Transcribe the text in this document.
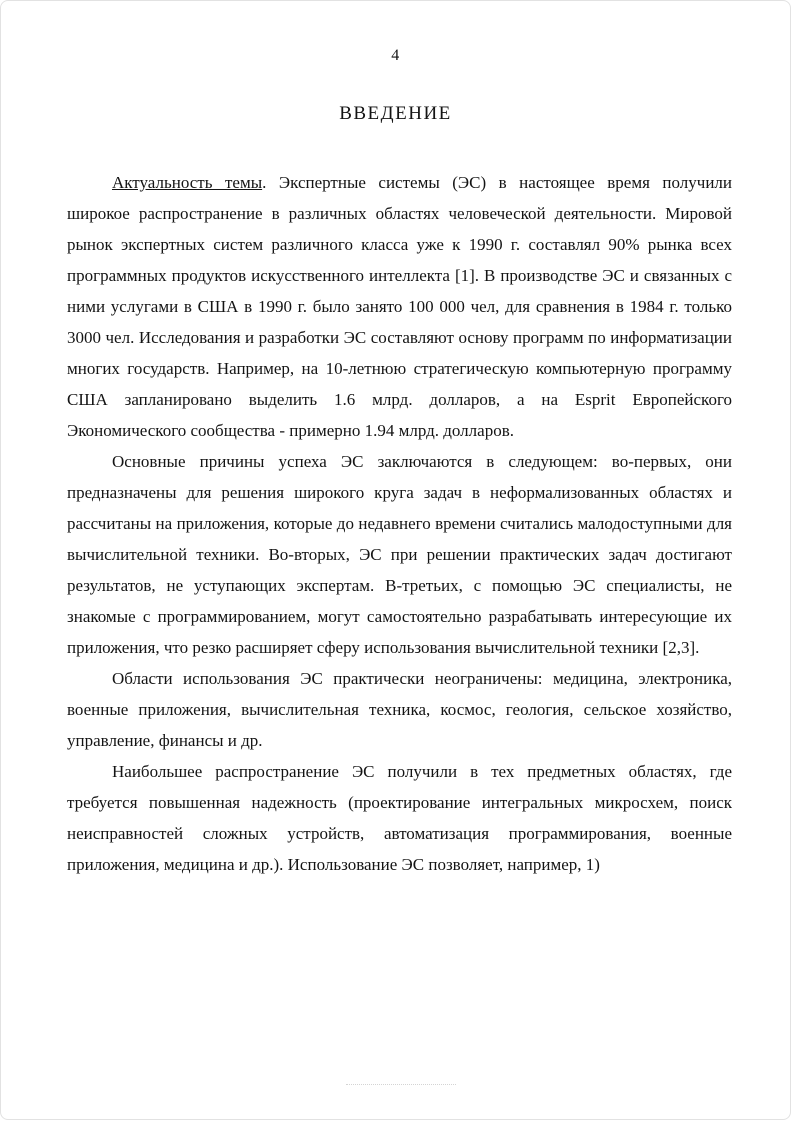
4
ВВЕДЕНИЕ

Актуальность темы. Экспертные системы (ЭС) в настоящее время получили широкое распространение в различных областях человеческой деятельности. Мировой рынок экспертных систем различного класса уже к 1990 г. составлял 90% рынка всех программных продуктов искусственного интеллекта [1]. В производстве ЭС и связанных с ними услугами в США в 1990 г. было занято 100 000 чел, для сравнения в 1984 г. только 3000 чел. Исследования и разработки ЭС составляют основу программ по информатизации многих государств. Например, на 10-летнюю стратегическую компьютерную программу США запланировано выделить 1.6 млрд. долларов, а на Esprit Европейского Экономического сообщества - примерно 1.94 млрд. долларов.

Основные причины успеха ЭС заключаются в следующем: во-первых, они предназначены для решения широкого круга задач в неформализованных областях и рассчитаны на приложения, которые до недавнего времени считались малодоступными для вычислительной техники. Во-вторых, ЭС при решении практических задач достигают результатов, не уступающих экспертам. В-третьих, с помощью ЭС специалисты, не знакомые с программированием, могут самостоятельно разрабатывать интересующие их приложения, что резко расширяет сферу использования вычислительной техники [2,3].

Области использования ЭС практически неограничены: медицина, электроника, военные приложения, вычислительная техника, космос, геология, сельское хозяйство, управление, финансы и др.

Наибольшее распространение ЭС получили в тех предметных областях, где требуется повышенная надежность (проектирование интегральных микросхем, поиск неисправностей сложных устройств, автоматизация программирования, военные приложения, медицина и др.). Использование ЭС позволяет, например, 1)
